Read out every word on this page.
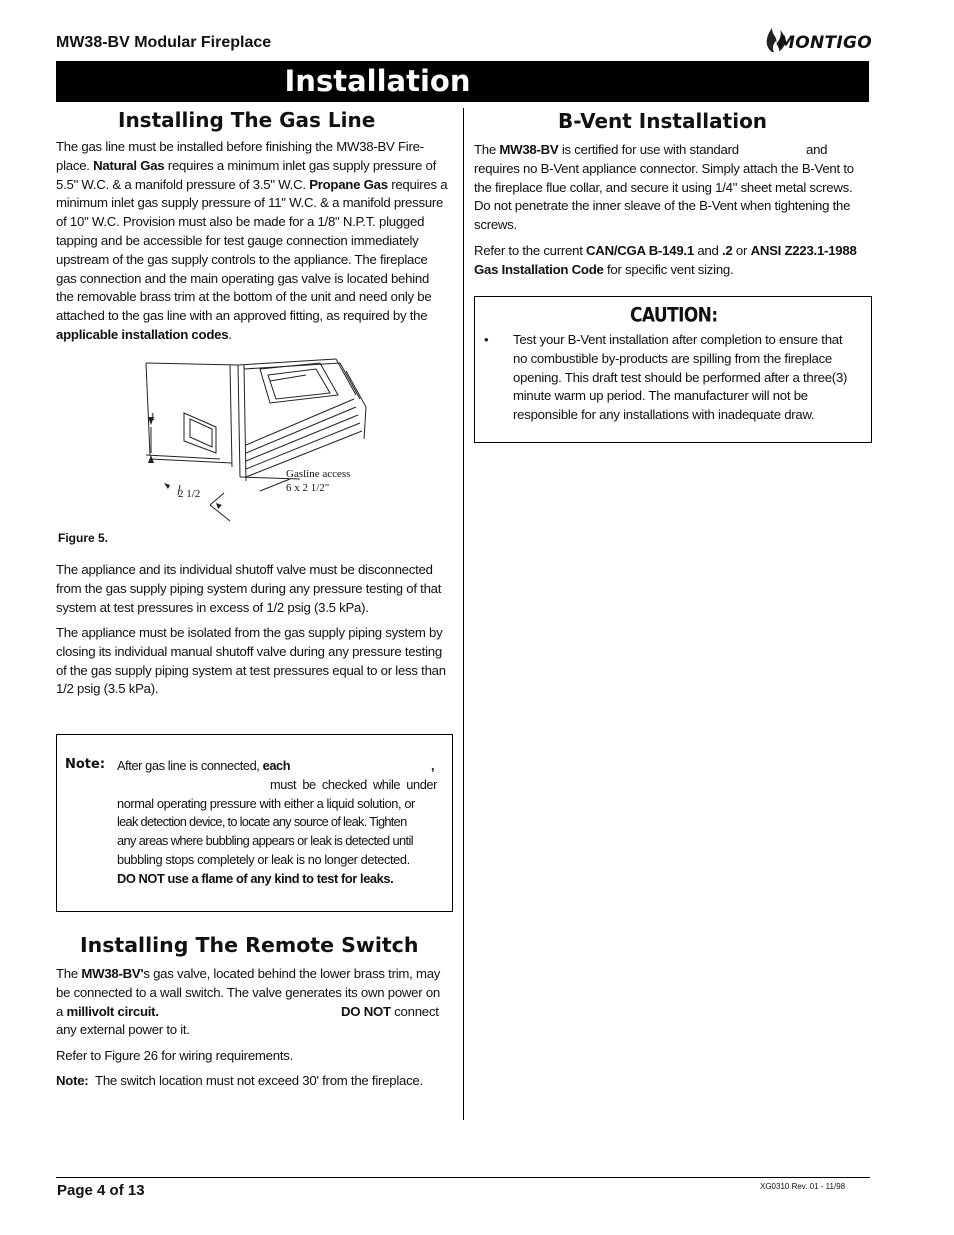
MW38-BV Modular Fireplace	MONTIGO
Installation
Installing The Gas Line
The gas line must be installed before finishing the MW38-BV Fire-
place. Natural Gas requires a minimum inlet gas supply pressure of
5.5" W.C. & a manifold pressure of 3.5" W.C. Propane Gas requires a
minimum inlet gas supply pressure of 11" W.C. & a manifold pressure
of 10" W.C. Provision must also be made for a 1/8" N.P.T. plugged
tapping and be accessible for test gauge connection immediately
upstream of the gas supply controls to the appliance. The fireplace
gas connection and the main operating gas valve is located behind
the removable brass trim at the bottom of the unit and need only be
attached to the gas line with an approved fitting, as required by the
applicable installation codes.
1
2 1/2
Gasline access
6 x 2 1/2"
Figure 5.
The appliance and its individual shutoff valve must be disconnected
from the gas supply piping system during any pressure testing of that
system at test pressures in excess of 1/2 psig (3.5 kPa).
The appliance must be isolated from the gas supply piping system by
closing its individual manual shutoff valve during any pressure testing
of the gas supply piping system at test pressures equal to or less than
1/2 psig (3.5 kPa).
Note: After gas line is connected, each	,
must be checked while under
normal operating pressure with either a liquid solution, or
leak detection device, to locate any source of leak. Tighten
any areas where bubbling appears or leak is detected until
bubbling stops completely or leak is no longer detected.
DO NOT use a flame of any kind to test for leaks.
Installing The Remote Switch
The MW38-BV's gas valve, located behind the lower brass trim, may
be connected to a wall switch. The valve generates its own power on
a millivolt circuit.	DO NOT connect
any external power to it.
Refer to Figure 26 for wiring requirements.
Note: The switch location must not exceed 30' from the fireplace.
B-Vent Installation
The MW38-BV is certified for use with standard	and
requires no B-Vent appliance connector. Simply attach the B-Vent to
the fireplace flue collar, and secure it using 1/4" sheet metal screws.
Do not penetrate the inner sleave of the B-Vent when tightening the
screws.
Refer to the current CAN/CGA B-149.1 and .2 or ANSI Z223.1-1988
Gas Installation Code for specific vent sizing.
CAUTION:
• Test your B-Vent installation after completion to ensure that
no combustible by-products are spilling from the fireplace
opening. This draft test should be performed after a three(3)
minute warm up period. The manufacturer will not be
responsible for any installations with inadequate draw.
Page 4 of 13	XG0310 Rev. 01 - 11/98
